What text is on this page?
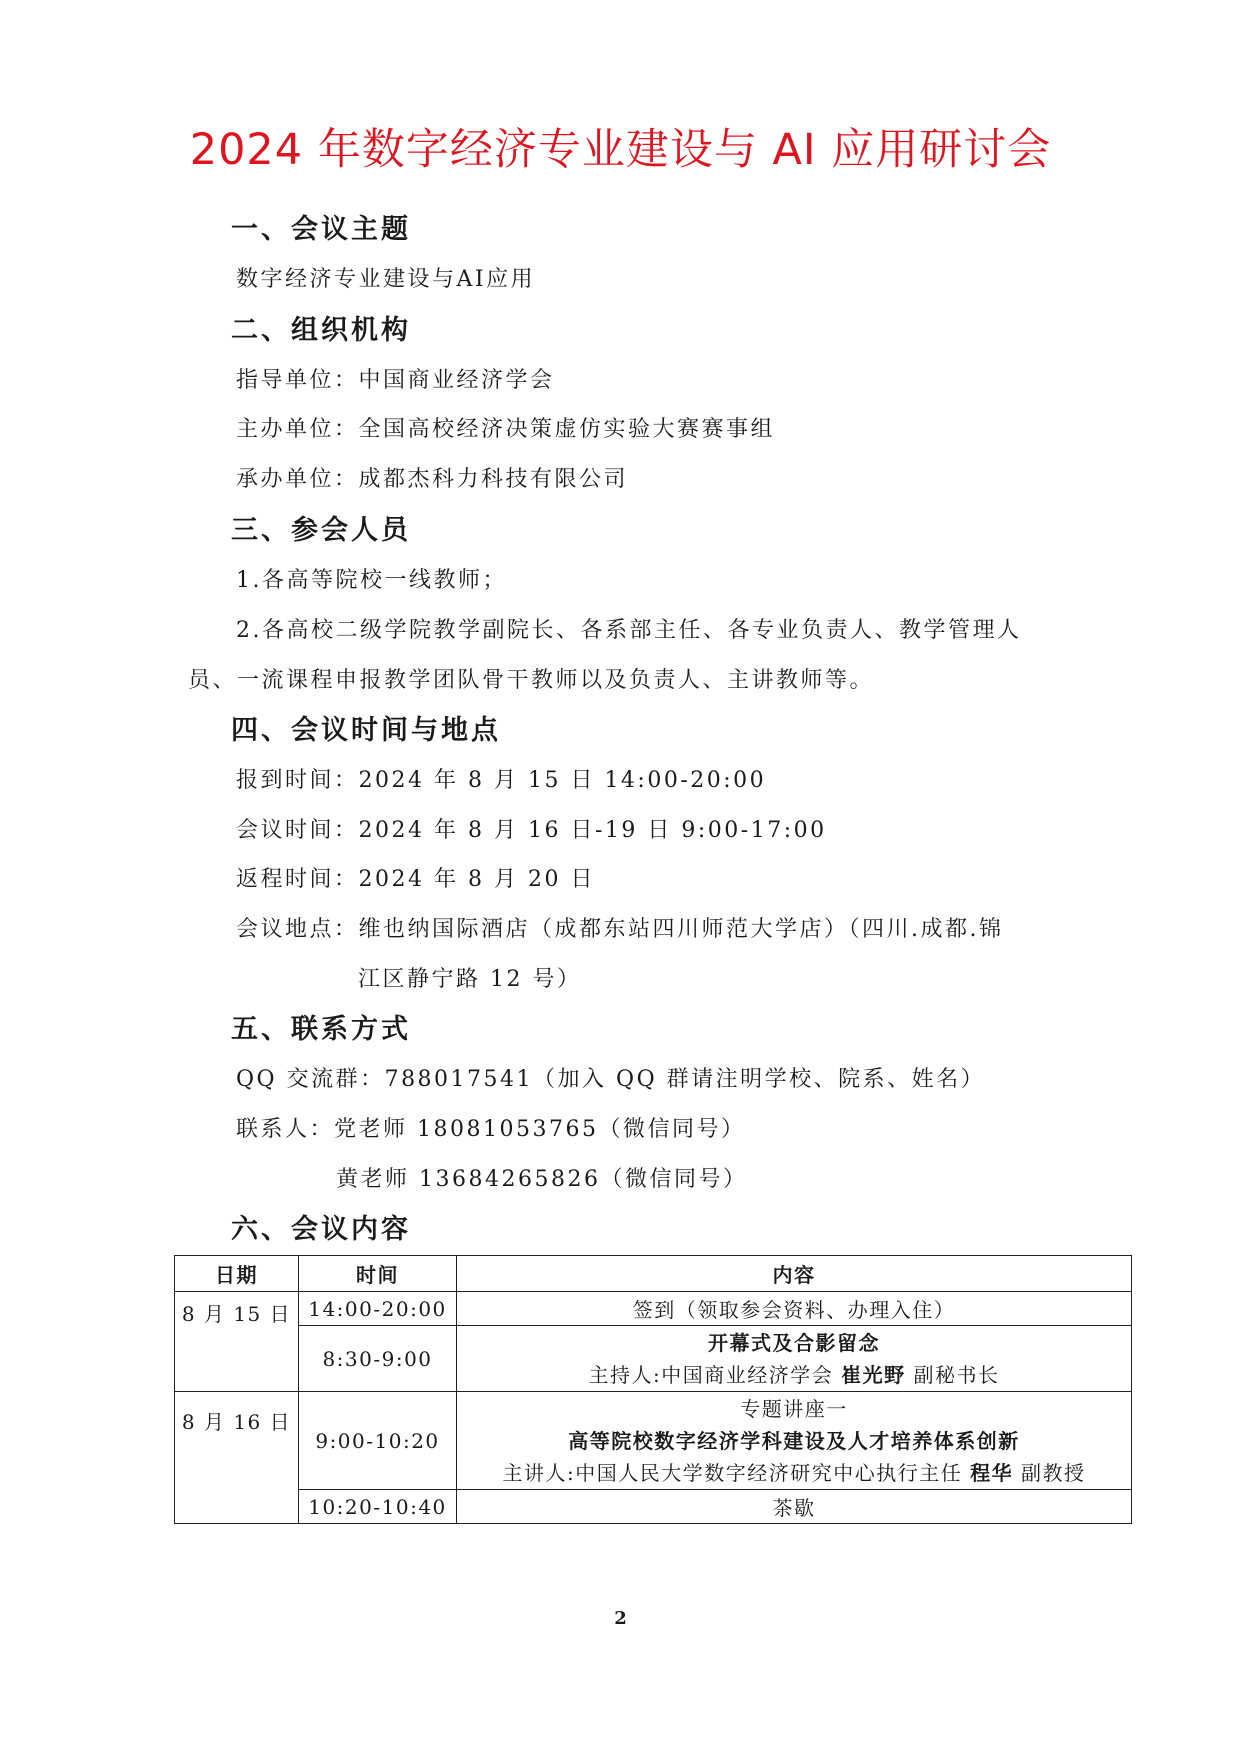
2024 年数字经济专业建设与 AI 应用研讨会
一、会议主题
数字经济专业建设与AI应用
二、组织机构
指导单位：中国商业经济学会
主办单位：全国高校经济决策虚仿实验大赛赛事组
承办单位：成都杰科力科技有限公司
三、参会人员
1.各高等院校一线教师；
2.各高校二级学院教学副院长、各系部主任、各专业负责人、教学管理人
员、一流课程申报教学团队骨干教师以及负责人、主讲教师等。
四、会议时间与地点
报到时间：2024 年 8 月 15 日 14:00-20:00
会议时间：2024 年 8 月 16 日-19 日 9:00-17:00
返程时间：2024 年 8 月 20 日
会议地点：维也纳国际酒店（成都东站四川师范大学店）（四川.成都.锦
江区静宁路 12 号）
五、联系方式
QQ 交流群：788017541（加入 QQ 群请注明学校、院系、姓名）
联系人：党老师 18081053765（微信同号）
黄老师 13684265826（微信同号）
六、会议内容
日期	时间	内容
8 月 15 日	14:00-20:00	签到（领取参会资料、办理入住）
	8:30-9:00	开幕式及合影留念
主持人:中国商业经济学会 崔光野 副秘书长

8 月 16 日	9:00-10:20	专题讲座一
高等院校数字经济学科建设及人才培养体系创新
主讲人:中国人民大学数字经济研究中心执行主任 程华 副教授

	10:20-10:40	茶歇
2
